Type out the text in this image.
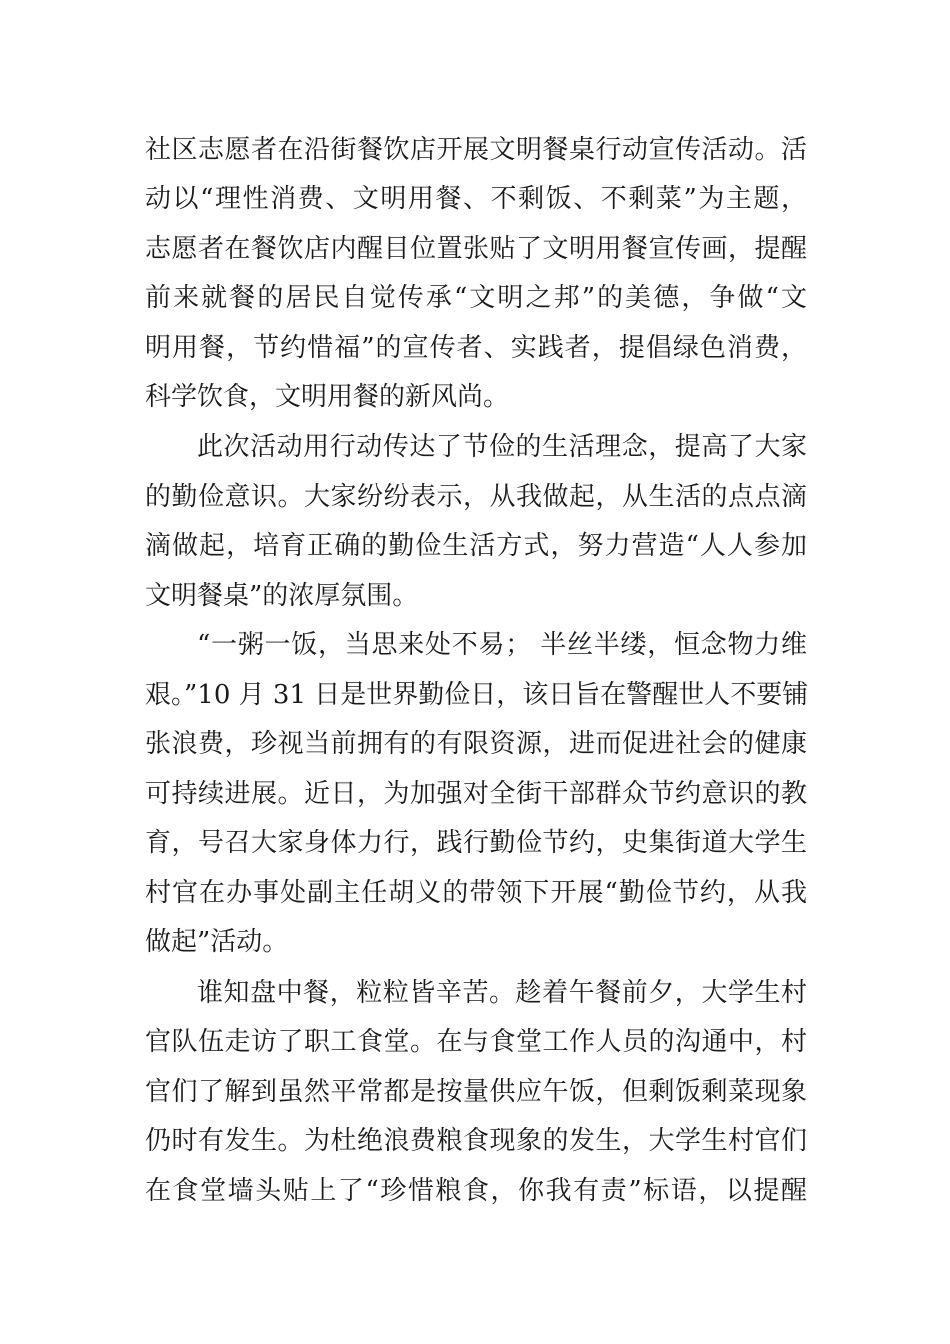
社区志愿者在沿街餐饮店开展文明餐桌行动宣传活动。活
动以“理性消费、文明用餐、不剩饭、不剩菜”为主题，
志愿者在餐饮店内醒目位置张贴了文明用餐宣传画，提醒
前来就餐的居民自觉传承“文明之邦”的美德，争做“文
明用餐，节约惜福”的宣传者、实践者，提倡绿色消费，
科学饮食，文明用餐的新风尚。
此次活动用行动传达了节俭的生活理念，提高了大家
的勤俭意识。大家纷纷表示，从我做起，从生活的点点滴
滴做起，培育正确的勤俭生活方式，努力营造“人人参加
文明餐桌”的浓厚氛围。
“一粥一饭，当思来处不易； 半丝半缕，恒念物力维
艰。”10 月 31 日是世界勤俭日，该日旨在警醒世人不要铺
张浪费，珍视当前拥有的有限资源，进而促进社会的健康
可持续进展。近日，为加强对全街干部群众节约意识的教
育，号召大家身体力行，践行勤俭节约，史集街道大学生
村官在办事处副主任胡义的带领下开展“勤俭节约，从我
做起”活动。
谁知盘中餐，粒粒皆辛苦。趁着午餐前夕，大学生村
官队伍走访了职工食堂。在与食堂工作人员的沟通中，村
官们了解到虽然平常都是按量供应午饭，但剩饭剩菜现象
仍时有发生。为杜绝浪费粮食现象的发生，大学生村官们
在食堂墙头贴上了“珍惜粮食，你我有责”标语，以提醒
